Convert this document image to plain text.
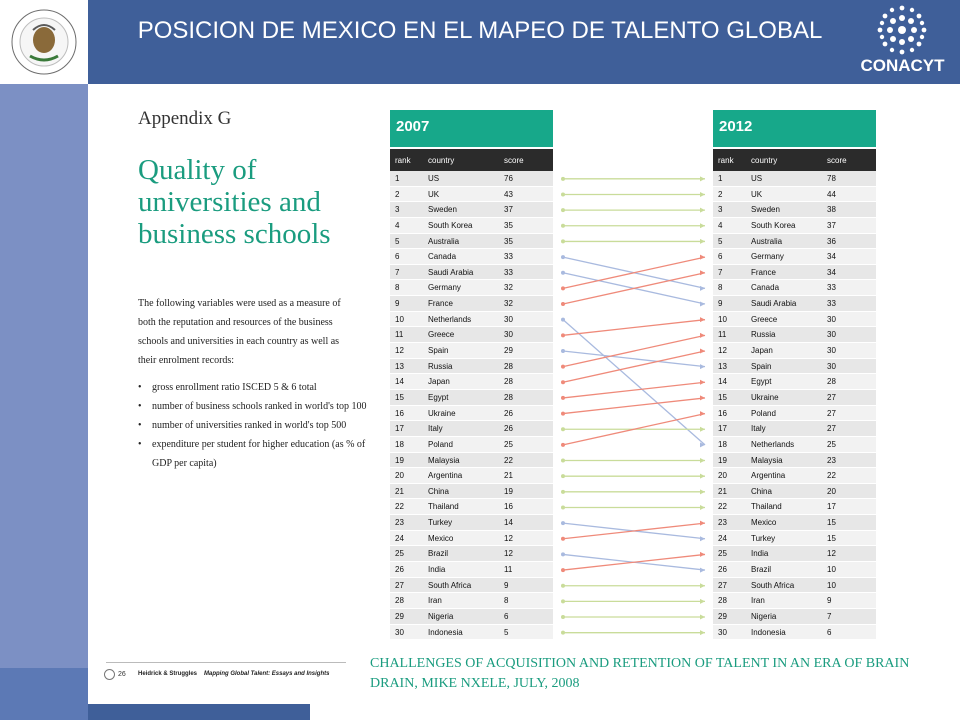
POSICION DE MEXICO EN EL MAPEO DE TALENTO GLOBAL
CONACYT
Appendix G
Quality of universities and business schools
The following variables were used as a measure of both the reputation and resources of the business schools and universities in each country as well as their enrolment records:
• gross enrollment ratio ISCED 5 & 6 total
• number of business schools ranked in world's top 100
• number of universities ranked in world's top 500
• expenditure per student for higher education (as % of GDP per capita)
26 Heidrick & Struggles Mapping Global Talent: Essays and Insights
2007
rank country	score
1	US	76
2	UK	43
3	Sweden	37
4	South Korea	35
5	Australia	35
6	Canada	33
7	Saudi Arabia	33
8	Germany	32
9	France	32
10	Netherlands	30
11	Greece	30
12	Spain	29
13	Russia	28
14	Japan	28
15	Egypt	28
16	Ukraine	26
17	Italy	26
18	Poland	25
19	Malaysia	22
20	Argentina	21
21	China	19
22	Thailand	16
23	Turkey	14
24	Mexico	12
25	Brazil	12
26	India	11
27	South Africa	9
28	Iran	8
29	Nigeria	6
30	Indonesia	5
2012
rank country	score
1	US	78
2	UK	44
3	Sweden	38
4	South Korea	37
5	Australia	36
6	Germany	34
7	France	34
8	Canada	33
9	Saudi Arabia	33
10	Greece	30
11	Russia	30
12	Japan	30
13	Spain	30
14	Egypt	28
15	Ukraine	27
16	Poland	27
17	Italy	27
18	Netherlands	25
19	Malaysia	23
20	Argentina	22
21	China	20
22	Thailand	17
23	Mexico	15
24	Turkey	15
25	India	12
26	Brazil	10
27	South Africa	10
28	Iran	9
29	Nigeria	7
30	Indonesia	6
CHALLENGES OF ACQUISITION AND RETENTION OF TALENT IN AN ERA OF BRAIN DRAIN, MIKE NXELE, JULY, 2008
